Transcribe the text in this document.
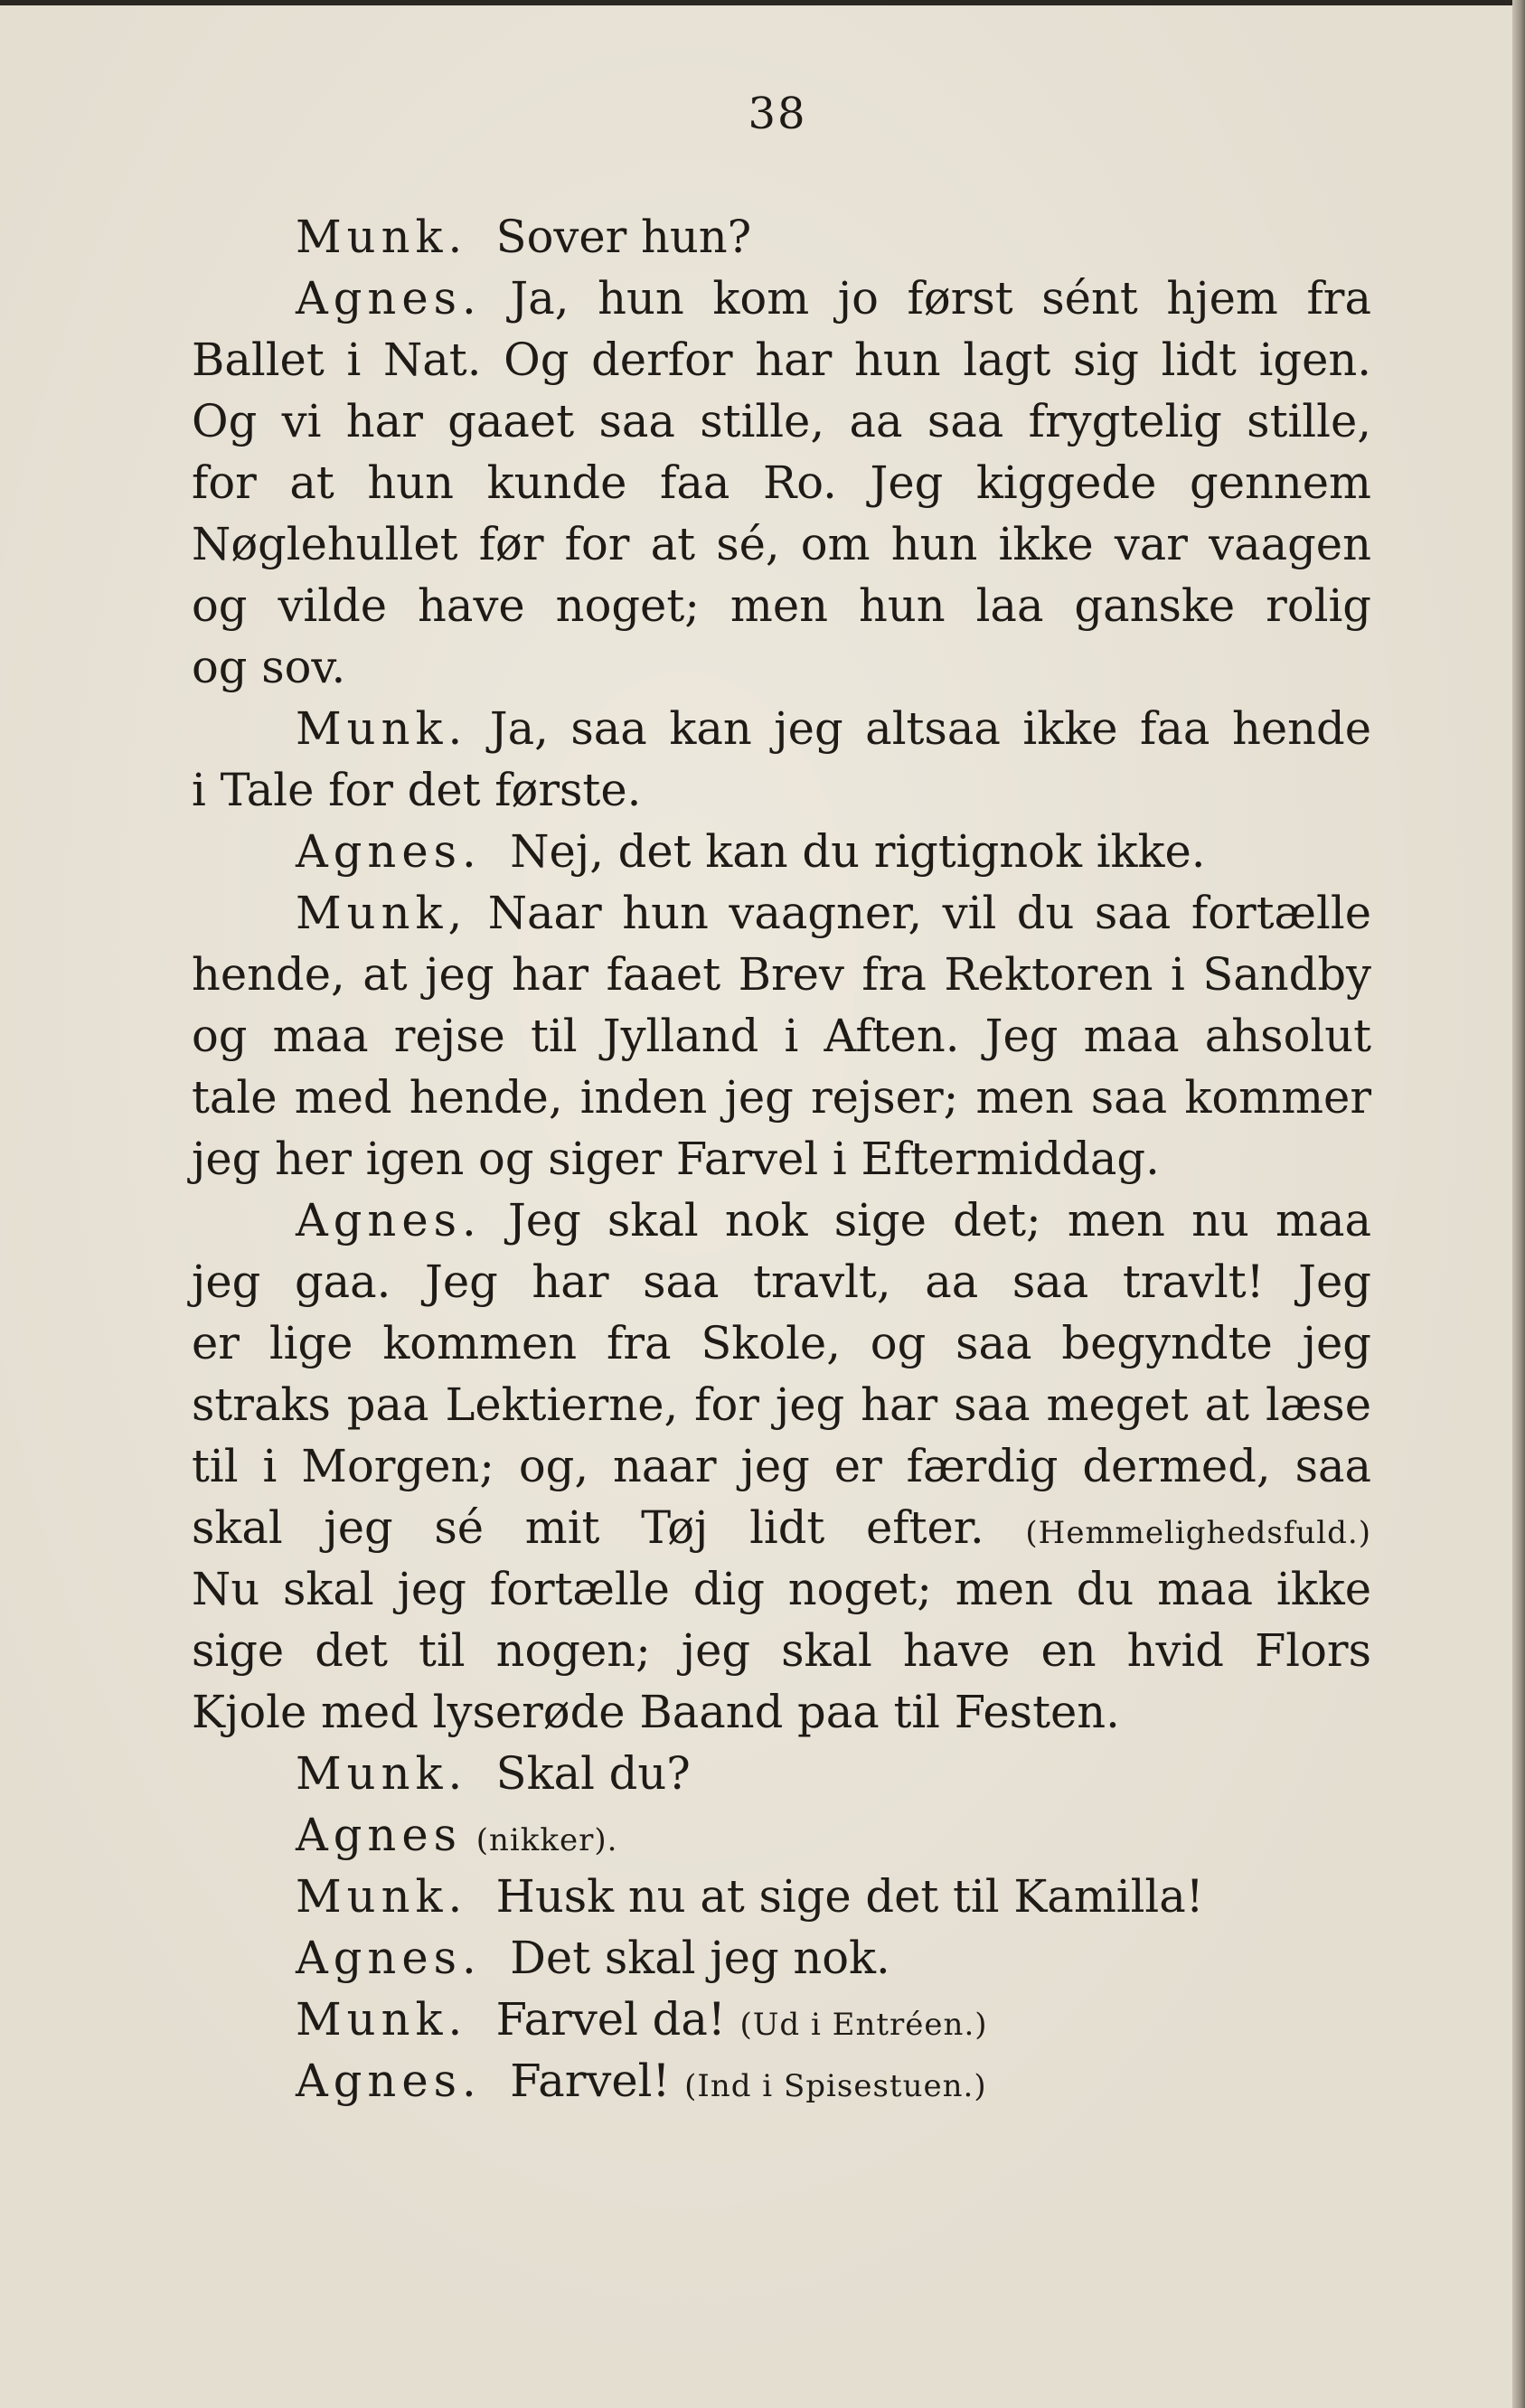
38
Munk. Sover hun?
Agnes. Ja, hun kom jo først sént hjem fra
Ballet i Nat. Og derfor har hun lagt sig lidt igen.
Og vi har gaaet saa stille, aa saa frygtelig stille,
for at hun kunde faa Ro. Jeg kiggede gennem
Nøglehullet før for at sé, om hun ikke var vaagen
og vilde have noget; men hun laa ganske rolig
og sov.
Munk. Ja, saa kan jeg altsaa ikke faa hende
i Tale for det første.
Agnes. Nej, det kan du rigtignok ikke.
Munk, Naar hun vaagner, vil du saa fortælle
hende, at jeg har faaet Brev fra Rektoren i Sandby
og maa rejse til Jylland i Aften. Jeg maa ahsolut
tale med hende, inden jeg rejser; men saa kommer
jeg her igen og siger Farvel i Eftermiddag.
Agnes. Jeg skal nok sige det; men nu maa
jeg gaa. Jeg har saa travlt, aa saa travlt! Jeg
er lige kommen fra Skole, og saa begyndte jeg
straks paa Lektierne, for jeg har saa meget at læse
til i Morgen; og, naar jeg er færdig dermed, saa
skal jeg sé mit Tøj lidt efter. (Hemmelighedsfuld.)
Nu skal jeg fortælle dig noget; men du maa ikke
sige det til nogen; jeg skal have en hvid Flors
Kjole med lyserøde Baand paa til Festen.
Munk. Skal du?
Agnes (nikker).
Munk. Husk nu at sige det til Kamilla!
Agnes. Det skal jeg nok.
Munk. Farvel da! (Ud i Entréen.)
Agnes. Farvel! (Ind i Spisestuen.)
